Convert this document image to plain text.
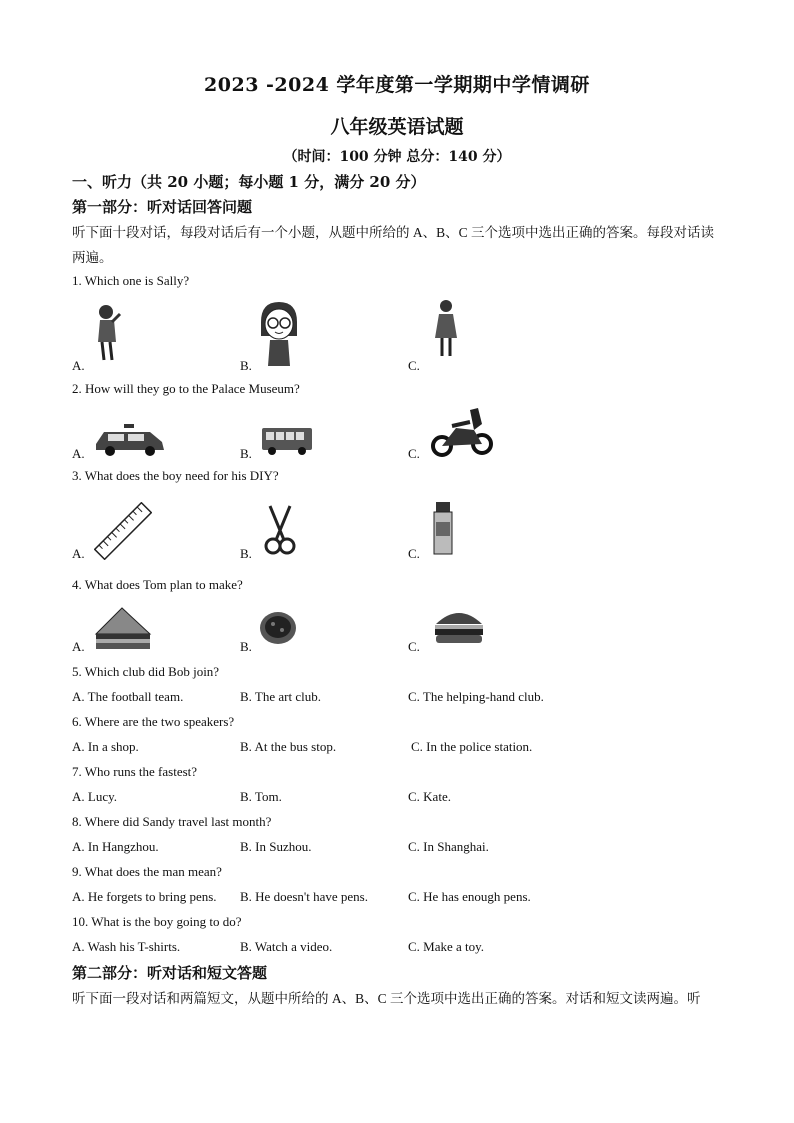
2023 -2024 学年度第一学期期中学情调研
八年级英语试题
（时间：100 分钟 总分：140 分）
一、听力（共 20 小题；每小题 1 分，满分 20 分）
第一部分：听对话回答问题
听下面十段对话，每段对话后有一个小题，从题中所给的 A、B、C 三个选项中选出正确的答案。每段对话读两遍。
1. Which one is Sally?
A.	B.	C.
2. How will they go to the Palace Museum?
A.	B.	C.
3. What does the boy need for his DIY?
A.	B.	C.
4. What does Tom plan to make?
A.	B.	C.
5. Which club did Bob join?
A. The football team.	B. The art club.	C. The helping-hand club.
6. Where are the two speakers?
A. In a shop.	B. At the bus stop.	C. In the police station.
7. Who runs the fastest?
A. Lucy.	B. Tom.	C. Kate.
8. Where did Sandy travel last month?
A. In Hangzhou.	B. In Suzhou.	C. In Shanghai.
9. What does the man mean?
A. He forgets to bring pens. B. He doesn't have pens.	C. He has enough pens.
10. What is the boy going to do?
A. Wash his T-shirts.	B. Watch a video.	C. Make a toy.
第二部分：听对话和短文答题
听下面一段对话和两篇短文，从题中所给的 A、B、C 三个选项中选出正确的答案。对话和短文读两遍。听
